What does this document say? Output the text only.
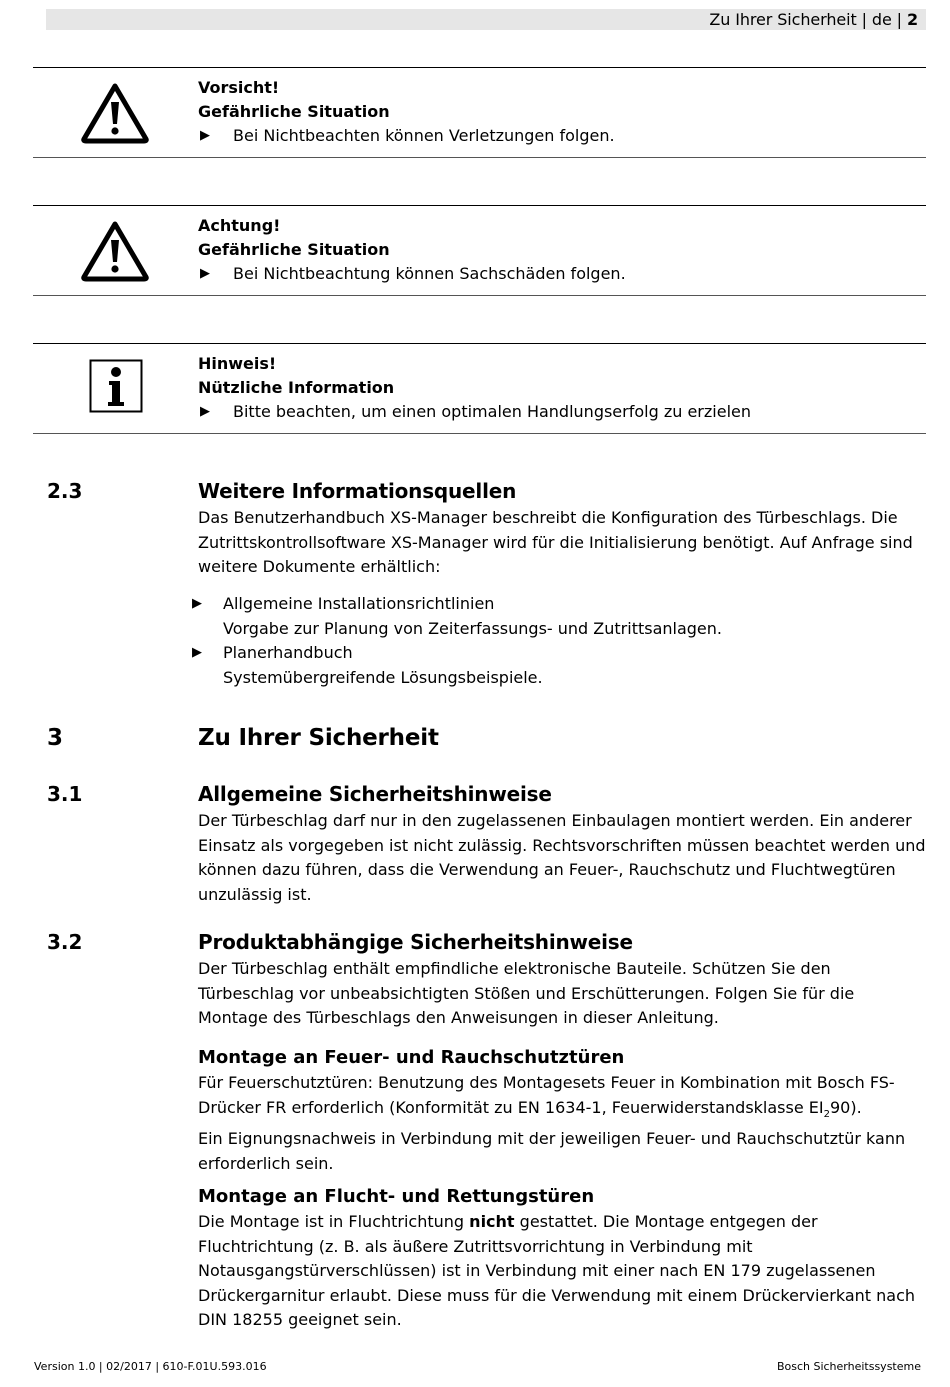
Zu Ihrer Sicherheit | de | 2
Vorsicht!
Gefährliche Situation
▶ Bei Nichtbeachten können Verletzungen folgen.
Achtung!
Gefährliche Situation
▶ Bei Nichtbeachtung können Sachschäden folgen.
Hinweis!
Nützliche Information
▶ Bitte beachten, um einen optimalen Handlungserfolg zu erzielen
2.3	Weitere Informationsquellen
Das Benutzerhandbuch XS-Manager beschreibt die Konfiguration des Türbeschlags. Die Zutrittskontrollsoftware XS-Manager wird für die Initialisierung benötigt. Auf Anfrage sind weitere Dokumente erhältlich:
▶ Allgemeine Installationsrichtlinien
Vorgabe zur Planung von Zeiterfassungs- und Zutrittsanlagen.
▶ Planerhandbuch
Systemübergreifende Lösungsbeispiele.
3	Zu Ihrer Sicherheit
3.1	Allgemeine Sicherheitshinweise
Der Türbeschlag darf nur in den zugelassenen Einbaulagen montiert werden. Ein anderer Einsatz als vorgegeben ist nicht zulässig. Rechtsvorschriften müssen beachtet werden und können dazu führen, dass die Verwendung an Feuer-, Rauchschutz und Fluchtwegtüren unzulässig ist.
3.2	Produktabhängige Sicherheitshinweise
Der Türbeschlag enthält empfindliche elektronische Bauteile. Schützen Sie den Türbeschlag vor unbeabsichtigten Stößen und Erschütterungen. Folgen Sie für die Montage des Türbeschlags den Anweisungen in dieser Anleitung.
Montage an Feuer- und Rauchschutztüren
Für Feuerschutztüren: Benutzung des Montagesets Feuer in Kombination mit Bosch FS-Drücker FR erforderlich (Konformität zu EN 1634-1, Feuerwiderstandsklasse $EI_290$).
Ein Eignungsnachweis in Verbindung mit der jeweiligen Feuer- und Rauchschutztür kann erforderlich sein.
Montage an Flucht- und Rettungstüren
Die Montage ist in Fluchtrichtung nicht gestattet. Die Montage entgegen der Fluchtrichtung (z. B. als äußere Zutrittsvorrichtung in Verbindung mit Notausgangstürverschlüssen) ist in Verbindung mit einer nach EN 179 zugelassenen Drückergarnitur erlaubt. Diese muss für die Verwendung mit einem Drückervierkant nach DIN 18255 geeignet sein.
Version 1.0 | 02/2017 | 610-F.01U.593.016	Bosch Sicherheitssysteme
